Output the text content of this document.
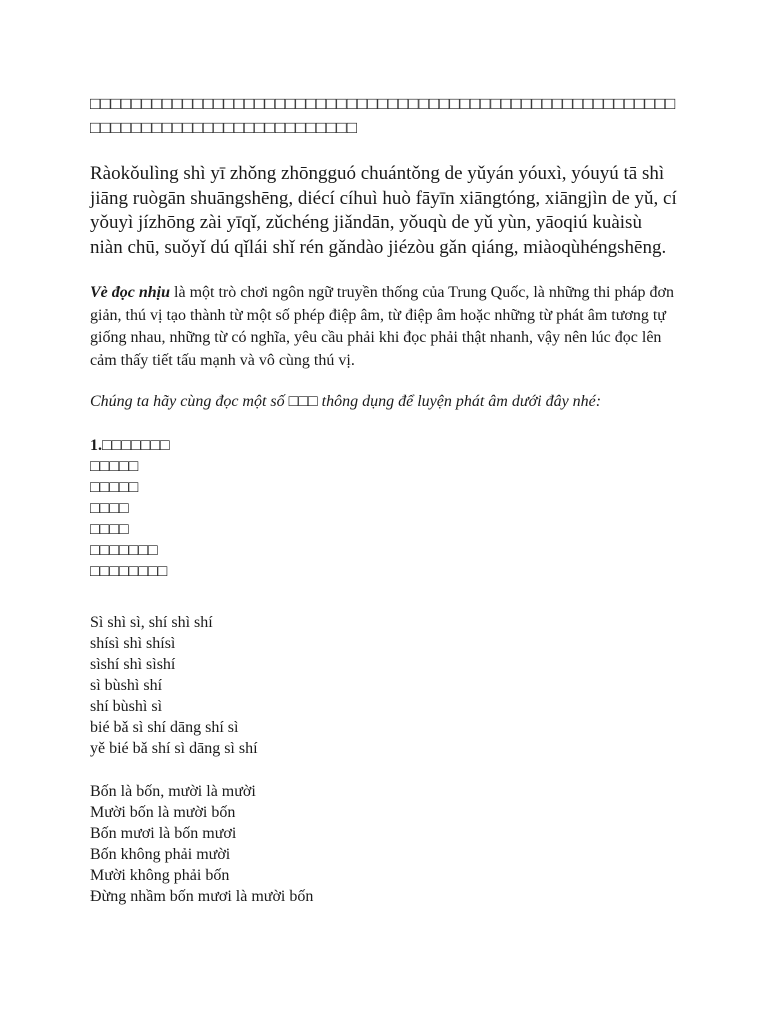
□□□□□□□□□□□□□□□□□□□□□□□□□□□□□□□□□□□□□□□□□□□□□□□□□□□□□□□□□□□□□□□□□□□□□□□□□□□□□□□□□□□

Ràokǒulìng shì yī zhǒng zhōngguó chuántǒng de yǔyán yóuxì, yóuyú tā shì jiāng ruògān shuāngshēng, diécí cíhuì huò fāyīn xiāngtóng, xiāngjìn de yǔ, cí yǒuyì jízhōng zài yīqǐ, zǔchéng jiǎndān, yǒuqù de yǔ yùn, yāoqiú kuàisù niàn chū, suǒyǐ dú qǐlái shǐ rén gǎndào jiézòu gǎn qiáng, miàoqùhéngshēng.

Vè đọc nhịu là một trò chơi ngôn ngữ truyền thống của Trung Quốc, là những thi pháp đơn giản, thú vị tạo thành từ một số phép điệp âm, từ điệp âm hoặc những từ phát âm tương tự giống nhau, những từ có nghĩa, yêu cầu phải khi đọc phải thật nhanh, vậy nên lúc đọc lên cảm thấy tiết tấu mạnh và vô cùng thú vị.

Chúng ta hãy cùng đọc một số □□□ thông dụng để luyện phát âm dưới đây nhé:

1.□□□□□□□
□□□□□
□□□□□
□□□□
□□□□
□□□□□□□
□□□□□□□□
Sì shì sì, shí shì shí
shísì shì shísì
sìshí shì sìshí
sì bùshì shí
shí bùshì sì
bié bǎ sì shí dāng shí sì
yě bié bǎ shí sì dāng sì shí
Bốn là bốn, mười là mười
Mười bốn là mười bốn
Bốn mươi là bốn mươi
Bốn không phải mười
Mười không phải bốn
Đừng nhầm bốn mươi là mười bốn
